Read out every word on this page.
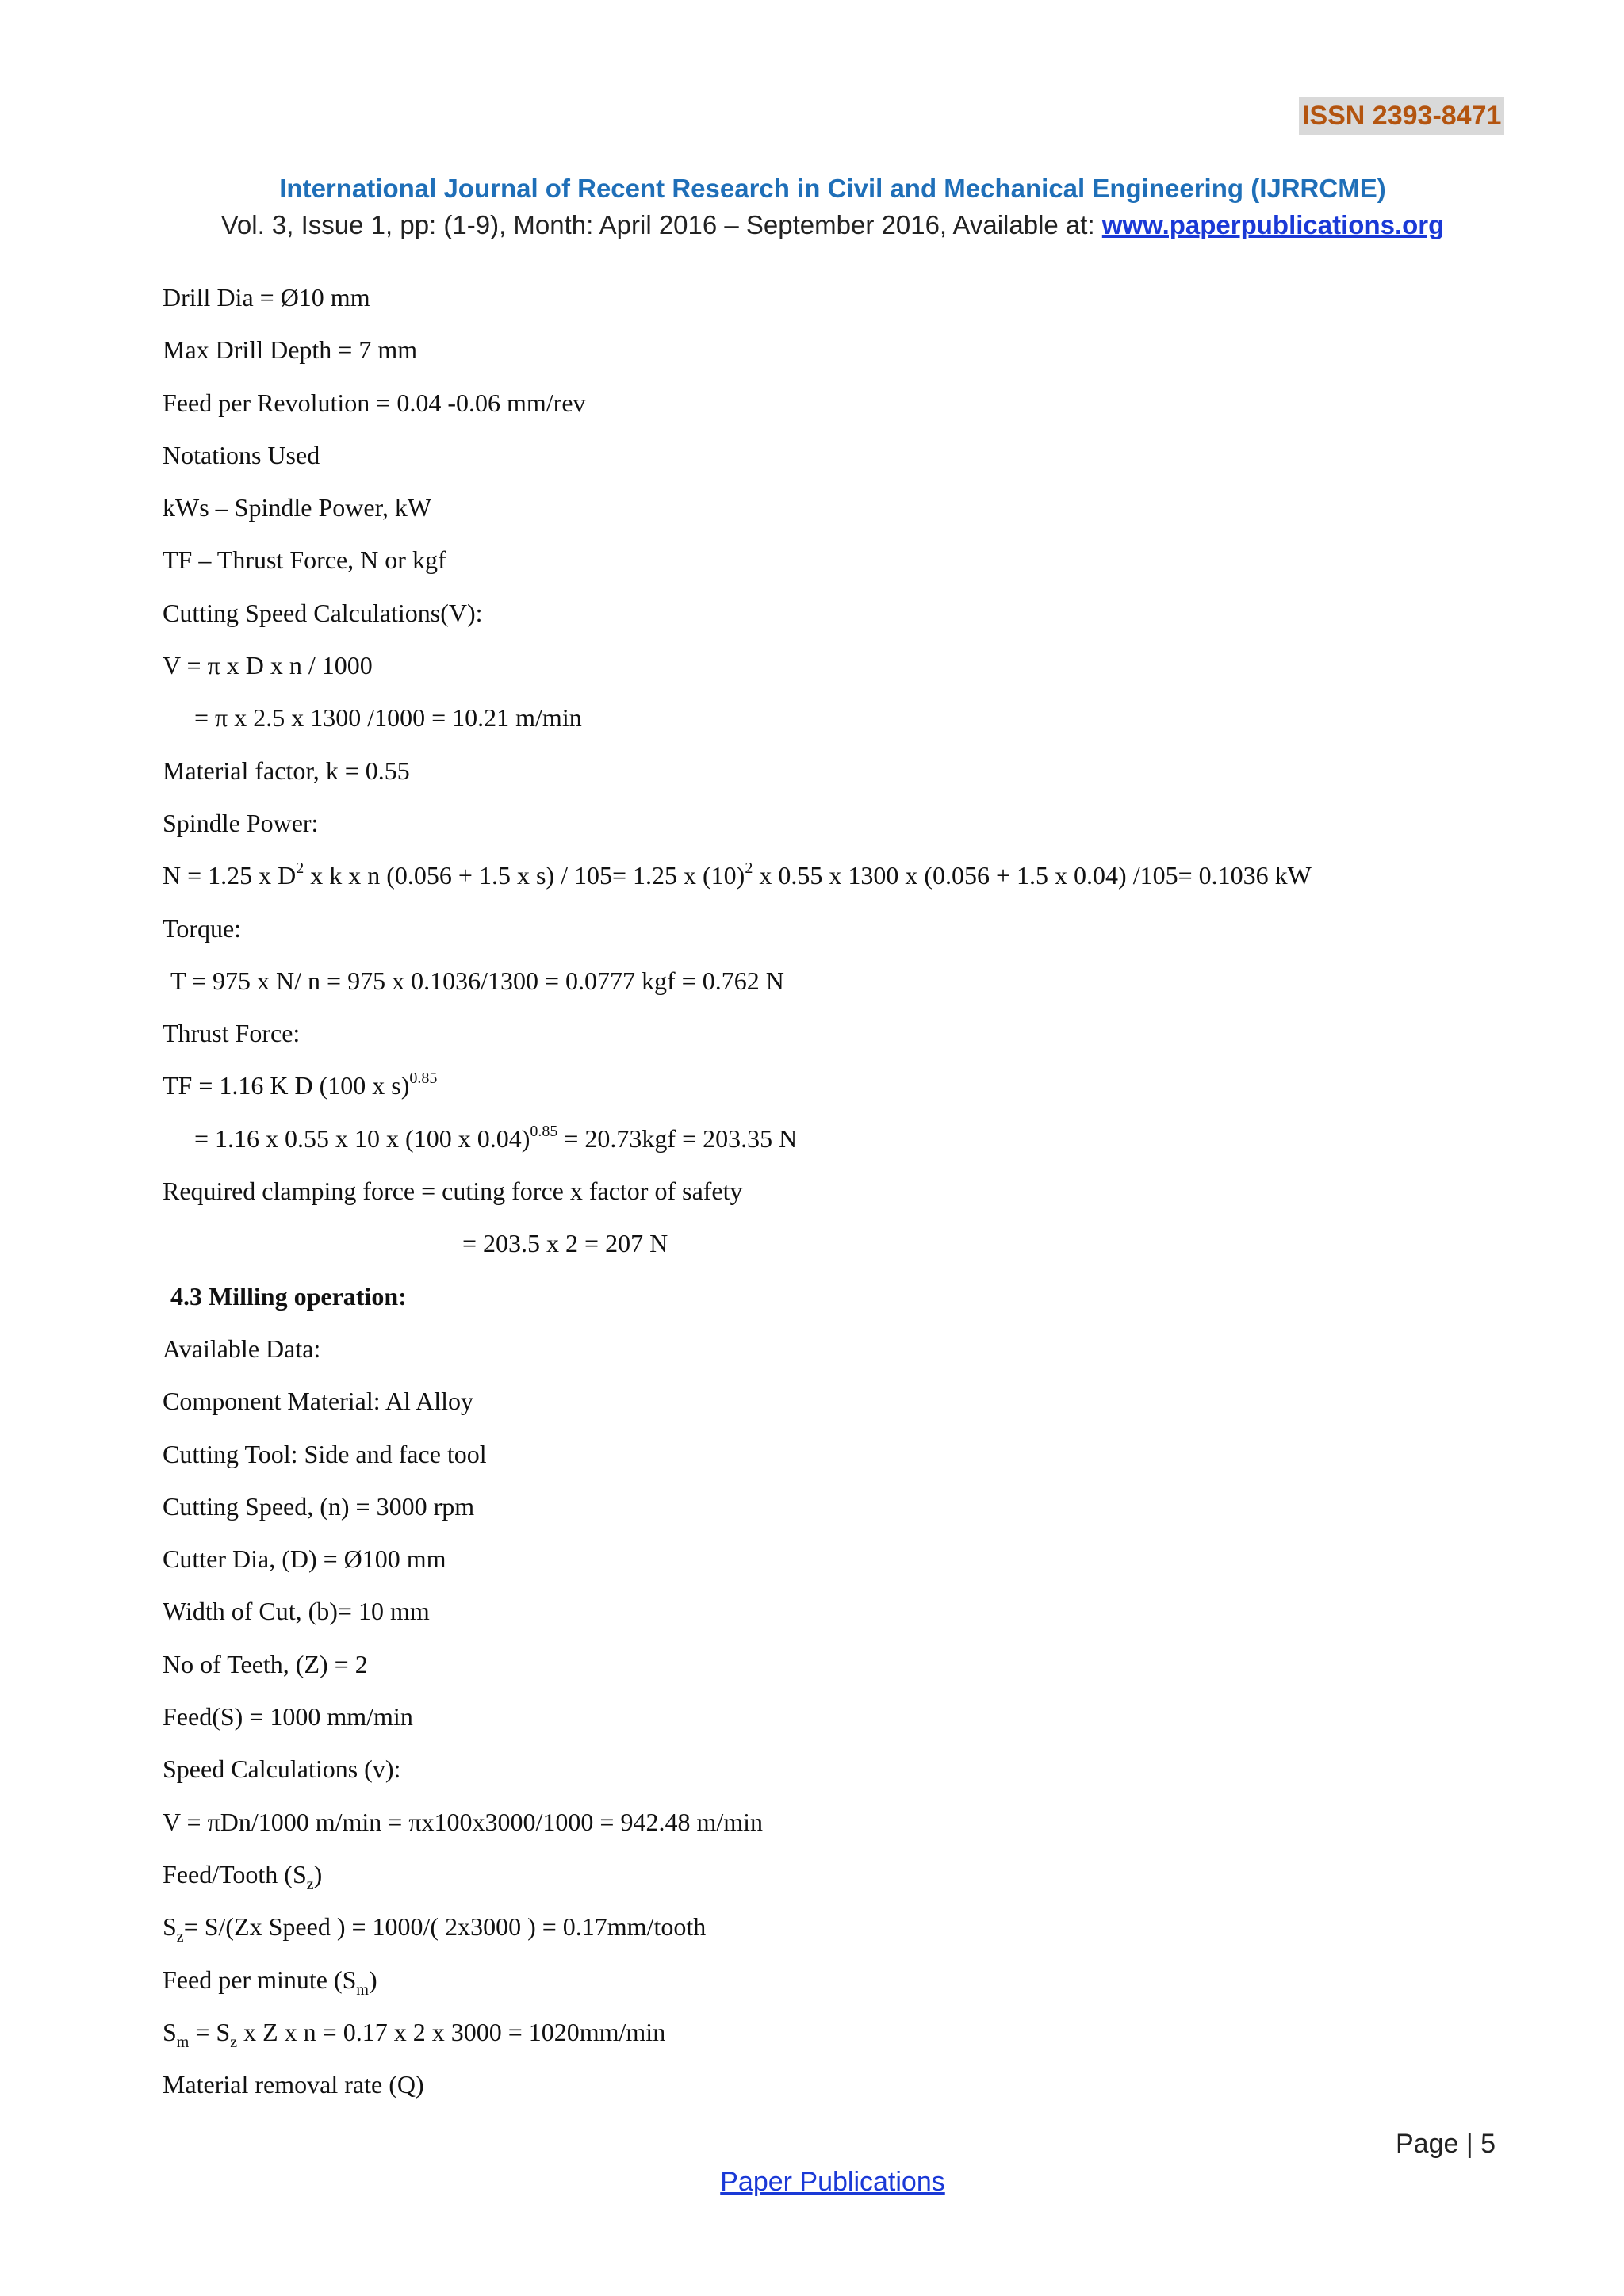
ISSN 2393-8471
International Journal of Recent Research in Civil and Mechanical Engineering (IJRRCME)
Vol. 3, Issue 1, pp: (1-9), Month: April 2016 – September 2016, Available at: www.paperpublications.org
Drill Dia = Ø10 mm
Max Drill Depth = 7 mm
Feed per Revolution = 0.04 -0.06 mm/rev
Notations Used
kWs – Spindle Power, kW
TF – Thrust Force, N or kgf
Cutting Speed Calculations(V):
V = π x D x n / 1000
= π x 2.5 x 1300 /1000 = 10.21 m/min
Material factor, k = 0.55
Spindle Power:
N = 1.25 x $D^2$ x k x n (0.056 + 1.5 x s) / 105= 1.25 x $(10)^2$ x 0.55 x 1300 x (0.056 + 1.5 x 0.04) /105= 0.1036 kW
Torque:
T = 975 x N/ n = 975 x 0.1036/1300 = 0.0777 kgf = 0.762 N
Thrust Force:
TF = 1.16 K D (100 x s)$^{0.85}$
= 1.16 x 0.55 x 10 x (100 x 0.04)$^{0.85}$ = 20.73kgf = 203.35 N
Required clamping force = cuting force x factor of safety
= 203.5 x 2 = 207 N
4.3 Milling operation:
Available Data:
Component Material: Al Alloy
Cutting Tool: Side and face tool
Cutting Speed, (n) = 3000 rpm
Cutter Dia, (D) = Ø100 mm
Width of Cut, (b)= 10 mm
No of Teeth, (Z) = 2
Feed(S) = 1000 mm/min
Speed Calculations (v):
V = πDn/1000 m/min = πx100x3000/1000 = 942.48 m/min
Feed/Tooth $(S_z)$
$S_z= S/(Zx$ Speed ) = 1000/( 2x3000 ) = 0.17mm/tooth
Feed per minute $(S_m)$
$S_m = S_z$ x Z x n = 0.17 x 2 x 3000 = 1020mm/min
Material removal rate (Q)
Page | 5
Paper Publications
